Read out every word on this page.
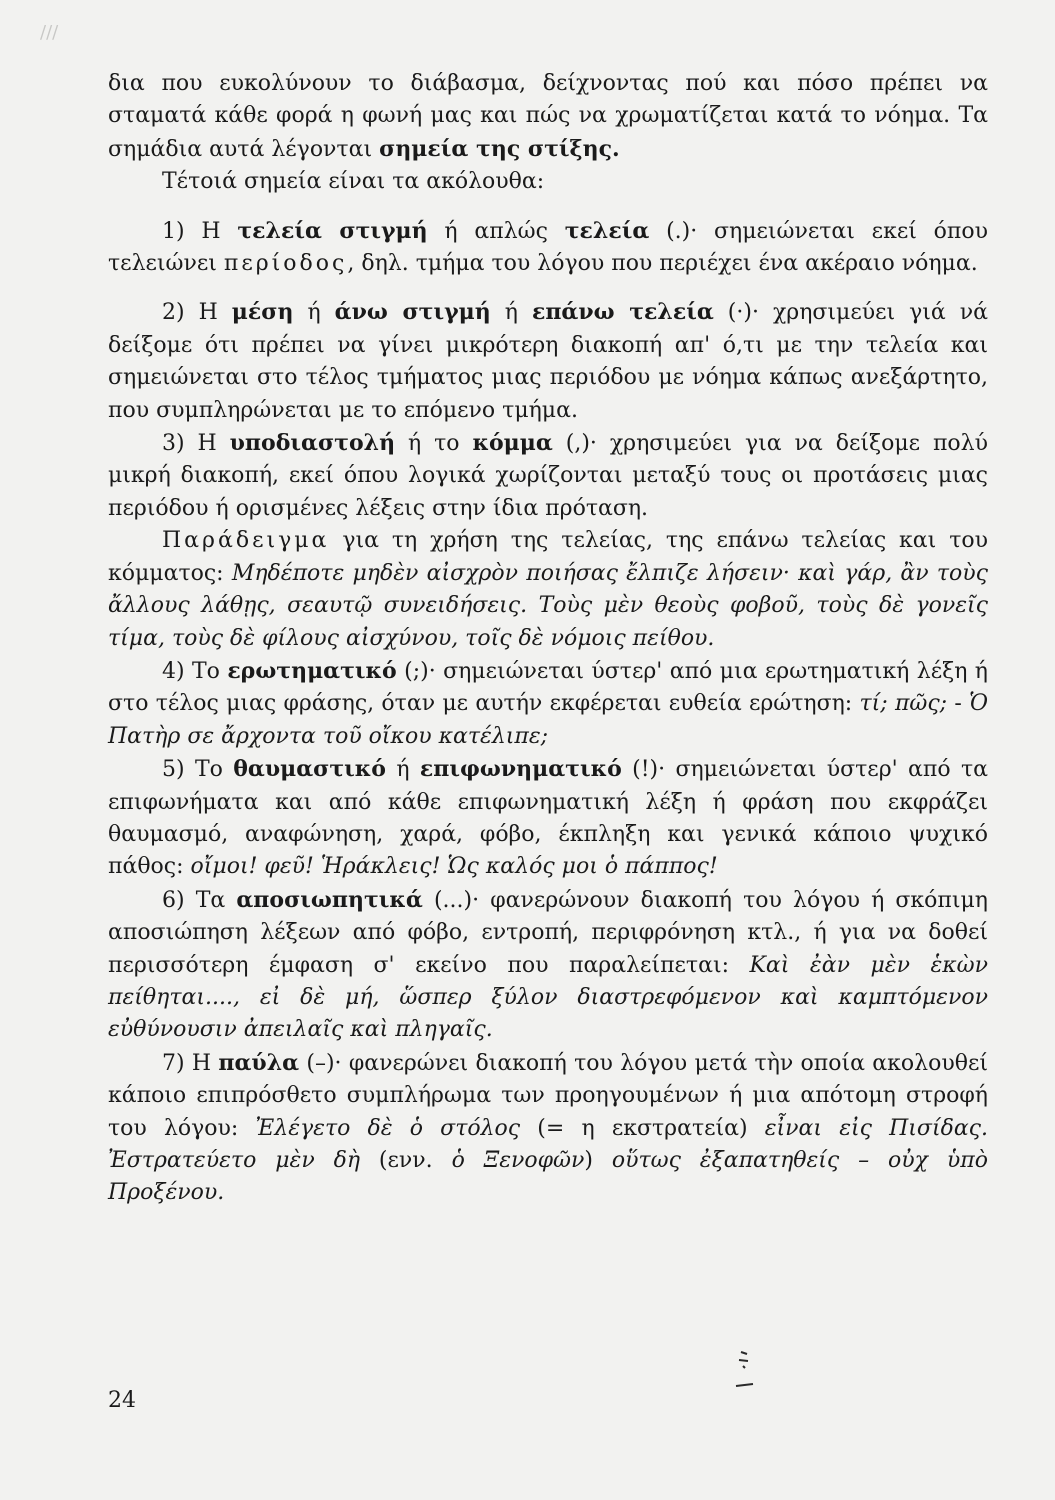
///

δια που ευκολύνουν το διάβασμα, δείχνοντας πού και πόσο πρέπει να σταματά κάθε φορά η φωνή μας και πώς να χρωματίζεται κατά το νόημα. Τα σημάδια αυτά λέγονται σημεία της στίξης.

Τέτοιά σημεία είναι τα ακόλουθα:

1) Η τελεία στιγμή ή απλώς τελεία (.)· σημειώνεται εκεί όπου τελειώνει περίοδος, δηλ. τμήμα του λόγου που περιέχει ένα ακέραιο νόημα.

2) Η μέση ή άνω στιγμή ή επάνω τελεία (·)· χρησιμεύει γιά νά δείξομε ότι πρέπει να γίνει μικρότερη διακοπή απ' ό,τι με την τελεία και σημειώνεται στο τέλος τμήματος μιας περιόδου με νόημα κάπως ανεξάρτητο, που συμπληρώνεται με το επόμενο τμήμα.

3) Η υποδιαστολή ή το κόμμα (,)· χρησιμεύει για να δείξομε πολύ μικρή διακοπή, εκεί όπου λογικά χωρίζονται μεταξύ τους οι προτάσεις μιας περιόδου ή ορισμένες λέξεις στην ίδια πρόταση.

Παράδειγμα για τη χρήση της τελείας, της επάνω τελείας και του κόμματος: Μηδέποτε μηδὲν αἰσχρὸν ποιήσας ἔλπιζε λήσειν· καὶ γάρ, ἂν τοὺς ἄλλους λάθῃς, σεαυτῷ συνειδήσεις. Τοὺς μὲν θεοὺς φοβοῦ, τοὺς δὲ γονεῖς τίμα, τοὺς δὲ φίλους αἰσχύνου, τοῖς δὲ νόμοις πείθου.

4) Το ερωτηματικό (;)· σημειώνεται ύστερ' από μια ερωτηματική λέξη ή στο τέλος μιας φράσης, όταν με αυτήν εκφέρεται ευθεία ερώτηση: τί; πῶς; - Ὁ Πατὴρ σε ἄρχοντα τοῦ οἴκου κατέλιπε;

5) Το θαυμαστικό ή επιφωνηματικό (!)· σημειώνεται ύστερ' από τα επιφωνήματα και από κάθε επιφωνηματική λέξη ή φράση που εκφράζει θαυμασμό, αναφώνηση, χαρά, φόβο, έκπληξη και γενικά κάποιο ψυχικό πάθος: οἴμοι! φεῦ! Ἡράκλεις! Ὡς καλός μοι ὁ πάππος!

6) Τα αποσιωπητικά (...)· φανερώνουν διακοπή του λόγου ή σκόπιμη αποσιώπηση λέξεων από φόβο, εντροπή, περιφρόνηση κτλ., ή για να δοθεί περισσότερη έμφαση σ' εκείνο που παραλείπεται: Καὶ ἐὰν μὲν ἑκὼν πείθηται...., εἰ δὲ μή, ὥσπερ ξύλον διαστρεφόμενον καὶ καμπτόμενον εὐθύνουσιν ἀπειλαῖς καὶ πληγαῖς.

7) Η παύλα (–)· φανερώνει διακοπή του λόγου μετά τὴν οποία ακολουθεί κάποιο επιπρόσθετο συμπλήρωμα των προηγουμένων ή μια απότομη στροφή του λόγου: Ἐλέγετο δὲ ὁ στόλος (= η εκστρατεία) εἶναι εἰς Πισίδας. Ἐστρατεύετο μὲν δὴ (ενν. ὁ Ξενοφῶν) οὕτως ἐξαπατηθείς – οὐχ ὑπὸ Προξένου.

24
